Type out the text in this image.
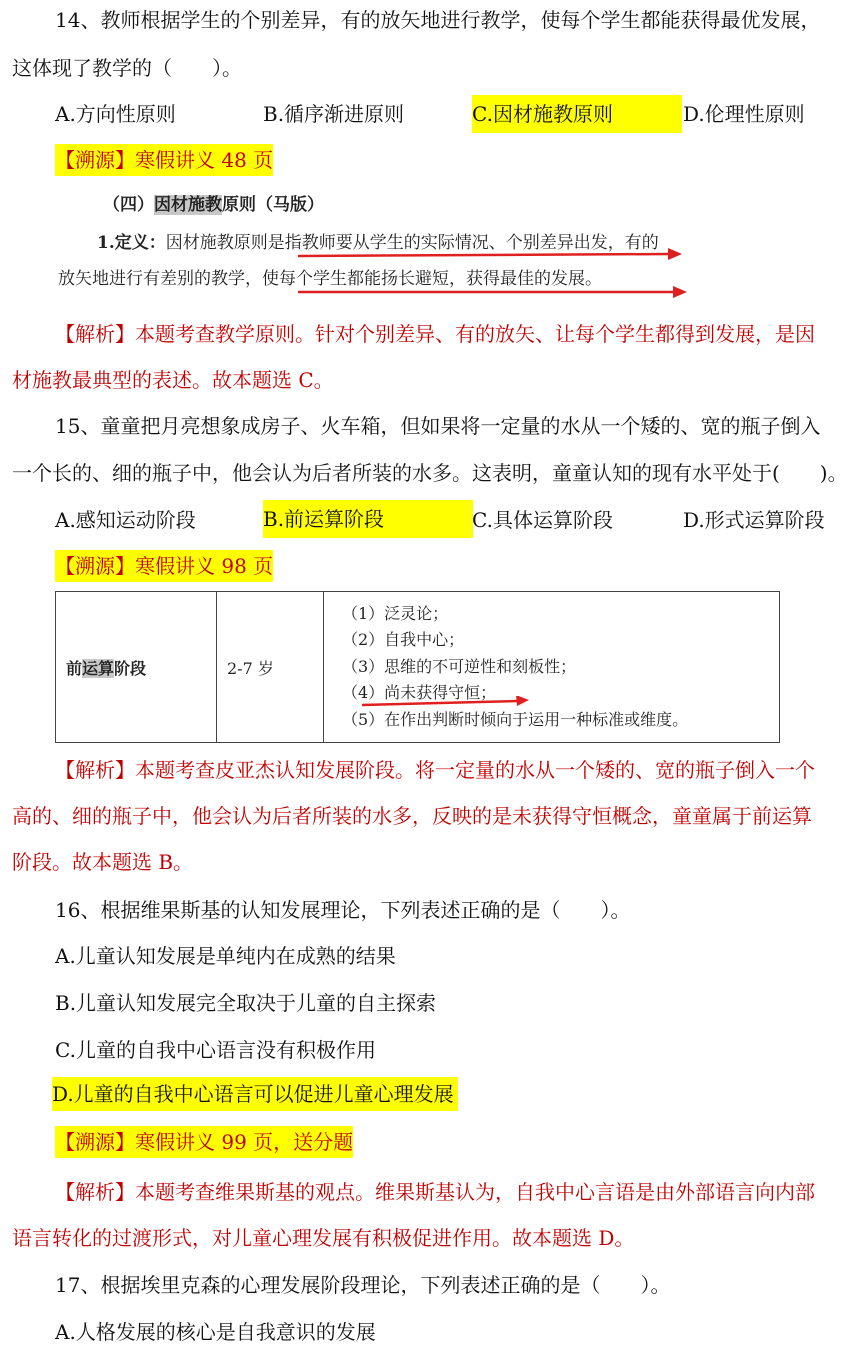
14、教师根据学生的个别差异，有的放矢地进行教学，使每个学生都能获得最优发展，
这体现了教学的（　　）。
A.方向性原则	B.循序渐进原则	C.因材施教原则	D.伦理性原则
【溯源】寒假讲义 48 页
（四）因材施教原则（马版）
1.定义：因材施教原则是指教师要从学生的实际情况、个别差异出发，有的
放矢地进行有差别的教学，使每个学生都能扬长避短，获得最佳的发展。
【解析】本题考查教学原则。针对个别差异、有的放矢、让每个学生都得到发展，是因
材施教最典型的表述。故本题选 C。
15、童童把月亮想象成房子、火车箱，但如果将一定量的水从一个矮的、宽的瓶子倒入
一个长的、细的瓶子中，他会认为后者所装的水多。这表明，童童认知的现有水平处于(　　)。
A.感知运动阶段	B.前运算阶段	C.具体运算阶段	D.形式运算阶段
【溯源】寒假讲义 98 页
前运算阶段	2-7 岁	
（1）泛灵论；
（2）自我中心；
（3）思维的不可逆性和刻板性；
（4）尚未获得守恒；
（5）在作出判断时倾向于运用一种标准或维度。
【解析】本题考查皮亚杰认知发展阶段。将一定量的水从一个矮的、宽的瓶子倒入一个
高的、细的瓶子中，他会认为后者所装的水多，反映的是未获得守恒概念，童童属于前运算
阶段。故本题选 B。
16、根据维果斯基的认知发展理论，下列表述正确的是（　　）。
A.儿童认知发展是单纯内在成熟的结果
B.儿童认知发展完全取决于儿童的自主探索
C.儿童的自我中心语言没有积极作用
D.儿童的自我中心语言可以促进儿童心理发展
【溯源】寒假讲义 99 页，送分题
【解析】本题考查维果斯基的观点。维果斯基认为，自我中心言语是由外部语言向内部
语言转化的过渡形式，对儿童心理发展有积极促进作用。故本题选 D。
17、根据埃里克森的心理发展阶段理论，下列表述正确的是（　　）。
A.人格发展的核心是自我意识的发展
